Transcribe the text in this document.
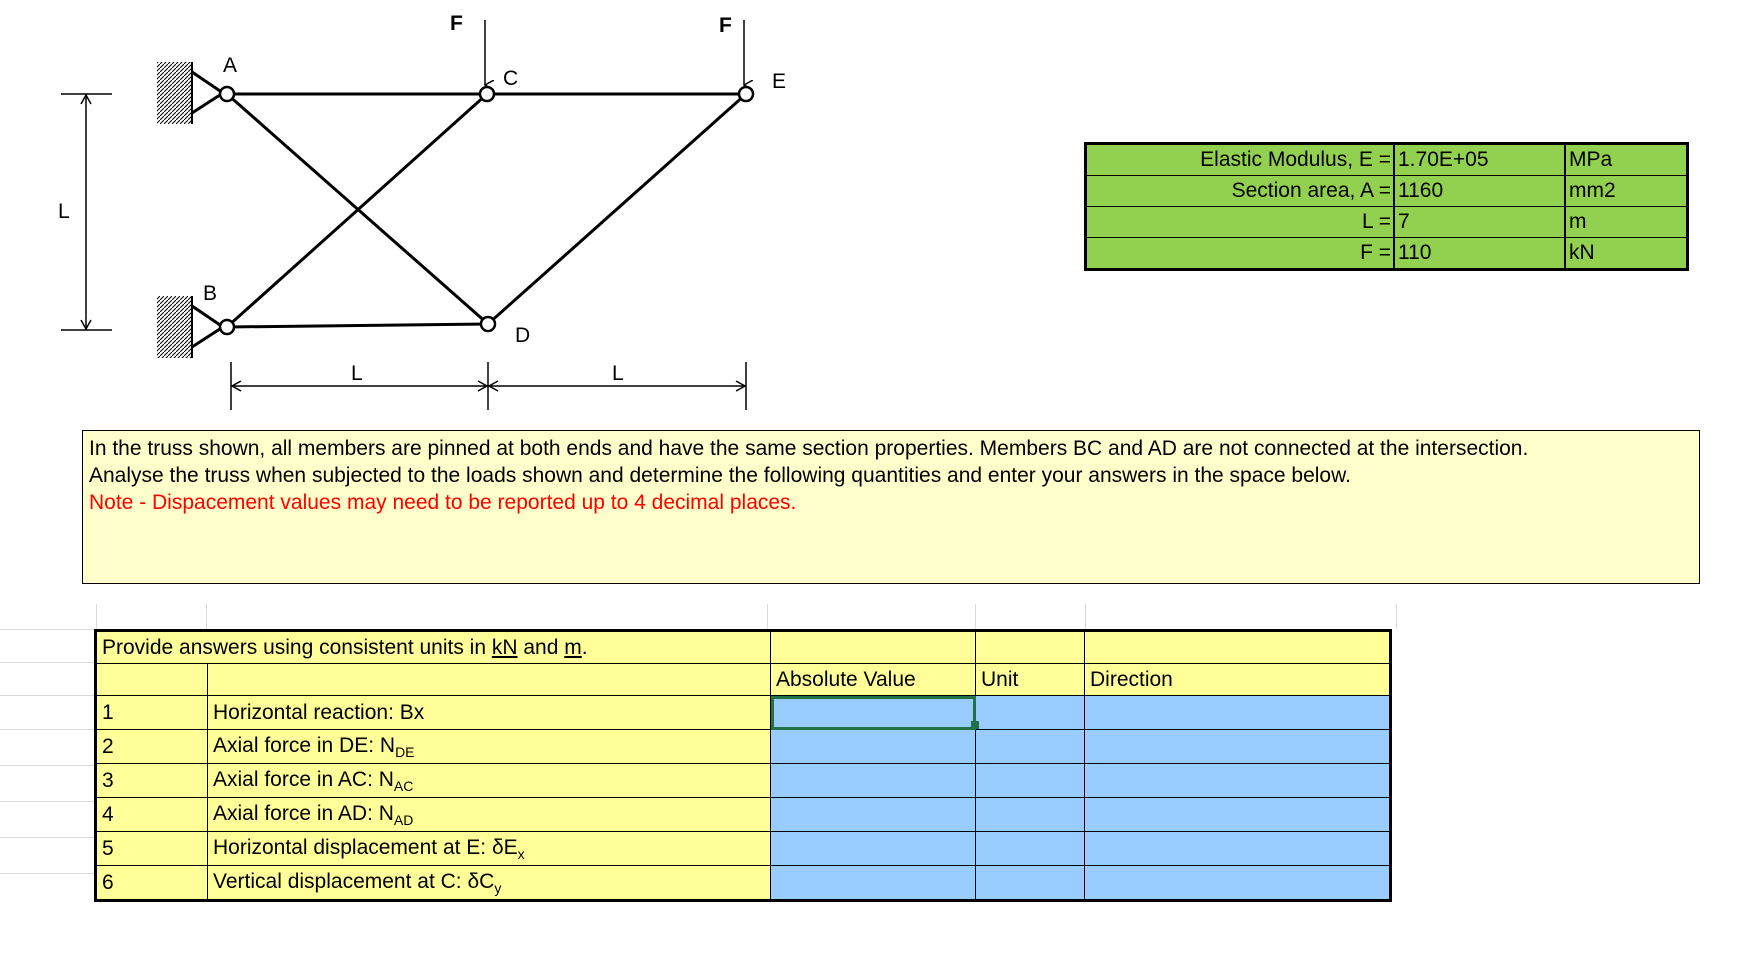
F	F
A
B
C
D
E
L
L	L
Elastic Modulus, E =	1.70E+05	MPa
Section area, A =	1160	mm2
L =	7	m
F =	110	kN

In the truss shown, all members are pinned at both ends and have the same section properties. Members BC and AD are not connected at the intersection.

Analyse the truss when subjected to the loads shown and determine the following quantities and enter your answers in the space below.

Note - Dispacement values may need to be reported up to 4 decimal places.

Provide answers using consistent units in kN and m.				
		Absolute Value	Unit	Direction
1	Horizontal reaction: Bx			
2	Axial force in DE: $N_{DE}$			
3	Axial force in AC: $N_{AC}$			
4	Axial force in AD: $N_{AD}$			
5	Horizontal displacement at E: $\delta E_x$			
6	Vertical displacement at C: $\delta C_y$			
